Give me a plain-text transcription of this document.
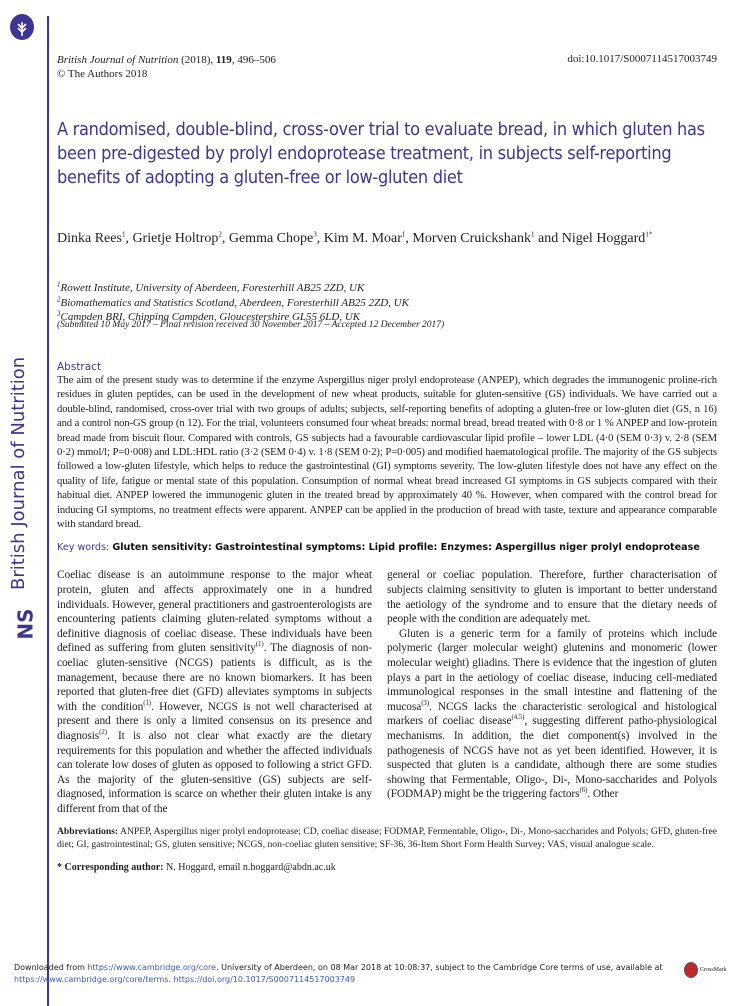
British Journal of Nutrition
NS
British Journal of Nutrition (2018), 119, 496–506
© The Authors 2018
doi:10.1017/S0007114517003749
A randomised, double-blind, cross-over trial to evaluate bread, in which gluten has been pre-digested by prolyl endoprotease treatment, in subjects self-reporting benefits of adopting a gluten-free or low-gluten diet
Dinka Rees$^1$, Grietje Holtrop$^2$, Gemma Chope$^3$, Kim M. Moar$^1$, Morven Cruickshank$^1$ and Nigel Hoggard$^{1*}$
$^1$Rowett Institute, University of Aberdeen, Foresterhill AB25 2ZD, UK
$^2$Biomathematics and Statistics Scotland, Aberdeen, Foresterhill AB25 2ZD, UK
$^3$Campden BRI, Chipping Campden, Gloucestershire GL55 6LD, UK
(Submitted 10 May 2017 – Final revision received 30 November 2017 – Accepted 12 December 2017)
Abstract
The aim of the present study was to determine if the enzyme Aspergillus niger prolyl endoprotease (ANPEP), which degrades the immunogenic proline-rich residues in gluten peptides, can be used in the development of new wheat products, suitable for gluten-sensitive (GS) individuals. We have carried out a double-blind, randomised, cross-over trial with two groups of adults; subjects, self-reporting benefits of adopting a gluten-free or low-gluten diet (GS, n 16) and a control non-GS group (n 12). For the trial, volunteers consumed four wheat breads: normal bread, bread treated with 0·8 or 1 % ANPEP and low-protein bread made from biscuit flour. Compared with controls, GS subjects had a favourable cardiovascular lipid profile – lower LDL (4·0 (SEM 0·3) v. 2·8 (SEM 0·2) mmol/l; P=0·008) and LDL:HDL ratio (3·2 (SEM 0·4) v. 1·8 (SEM 0·2); P=0·005) and modified haematological profile. The majority of the GS subjects followed a low-gluten lifestyle, which helps to reduce the gastrointestinal (GI) symptoms severity. The low-gluten lifestyle does not have any effect on the quality of life, fatigue or mental state of this population. Consumption of normal wheat bread increased GI symptoms in GS subjects compared with their habitual diet. ANPEP lowered the immunogenic gluten in the treated bread by approximately 40 %. However, when compared with the control bread for inducing GI symptoms, no treatment effects were apparent. ANPEP can be applied in the production of bread with taste, texture and appearance comparable with standard bread.
Key words: Gluten sensitivity: Gastrointestinal symptoms: Lipid profile: Enzymes: Aspergillus niger prolyl endoprotease

Coeliac disease is an autoimmune response to the major wheat protein, gluten and affects approximately one in a hundred individuals. However, general practitioners and gastroenterologists are encountering patients claiming gluten-related symptoms without a definitive diagnosis of coeliac disease. These individuals have been defined as suffering from gluten sensitivity$^{(1)}$. The diagnosis of non-coeliac gluten-sensitive (NCGS) patients is difficult, as is the management, because there are no known biomarkers. It has been reported that gluten-free diet (GFD) alleviates symptoms in subjects with the condition$^{(1)}$. However, NCGS is not well characterised at present and there is only a limited consensus on its presence and diagnosis$^{(2)}$. It is also not clear what exactly are the dietary requirements for this population and whether the affected individuals can tolerate low doses of gluten as opposed to following a strict GFD. As the majority of the gluten-sensitive (GS) subjects are self-diagnosed, information is scarce on whether their gluten intake is any different from that of the

general or coeliac population. Therefore, further characterisation of subjects claiming sensitivity to gluten is important to better understand the aetiology of the syndrome and to ensure that the dietary needs of people with the condition are adequately met.

Gluten is a generic term for a family of proteins which include polymeric (larger molecular weight) glutenins and monomeric (lower molecular weight) gliadins. There is evidence that the ingestion of gluten plays a part in the aetiology of coeliac disease, inducing cell-mediated immunological responses in the small intestine and flattening of the mucosa$^{(3)}$. NCGS lacks the characteristic serological and histological markers of coeliac disease$^{(4,5)}$, suggesting different patho-physiological mechanisms. In addition, the diet component(s) involved in the pathogenesis of NCGS have not as yet been identified. However, it is suspected that gluten is a candidate, although there are some studies showing that Fermentable, Oligo-, Di-, Mono-saccharides and Polyols (FODMAP) might be the triggering factors$^{(6)}$. Other

Abbreviations: ANPEP, Aspergillus niger prolyl endoprotease; CD, coeliac disease; FODMAP, Fermentable, Oligo-, Di-, Mono-saccharides and Polyols; GFD, gluten-free diet; GI, gastrointestinal; GS, gluten sensitive; NCGS, non-coeliac gluten sensitive; SF-36, 36-Item Short Form Health Survey; VAS, visual analogue scale.
* Corresponding author: N. Hoggard, email n.hoggard@abdn.ac.uk
Downloaded from https://www.cambridge.org/core. University of Aberdeen, on 08 Mar 2018 at 10:08:37, subject to the Cambridge Core terms of use, available at
https://www.cambridge.org/core/terms. https://doi.org/10.1017/S0007114517003749
CrossMark
